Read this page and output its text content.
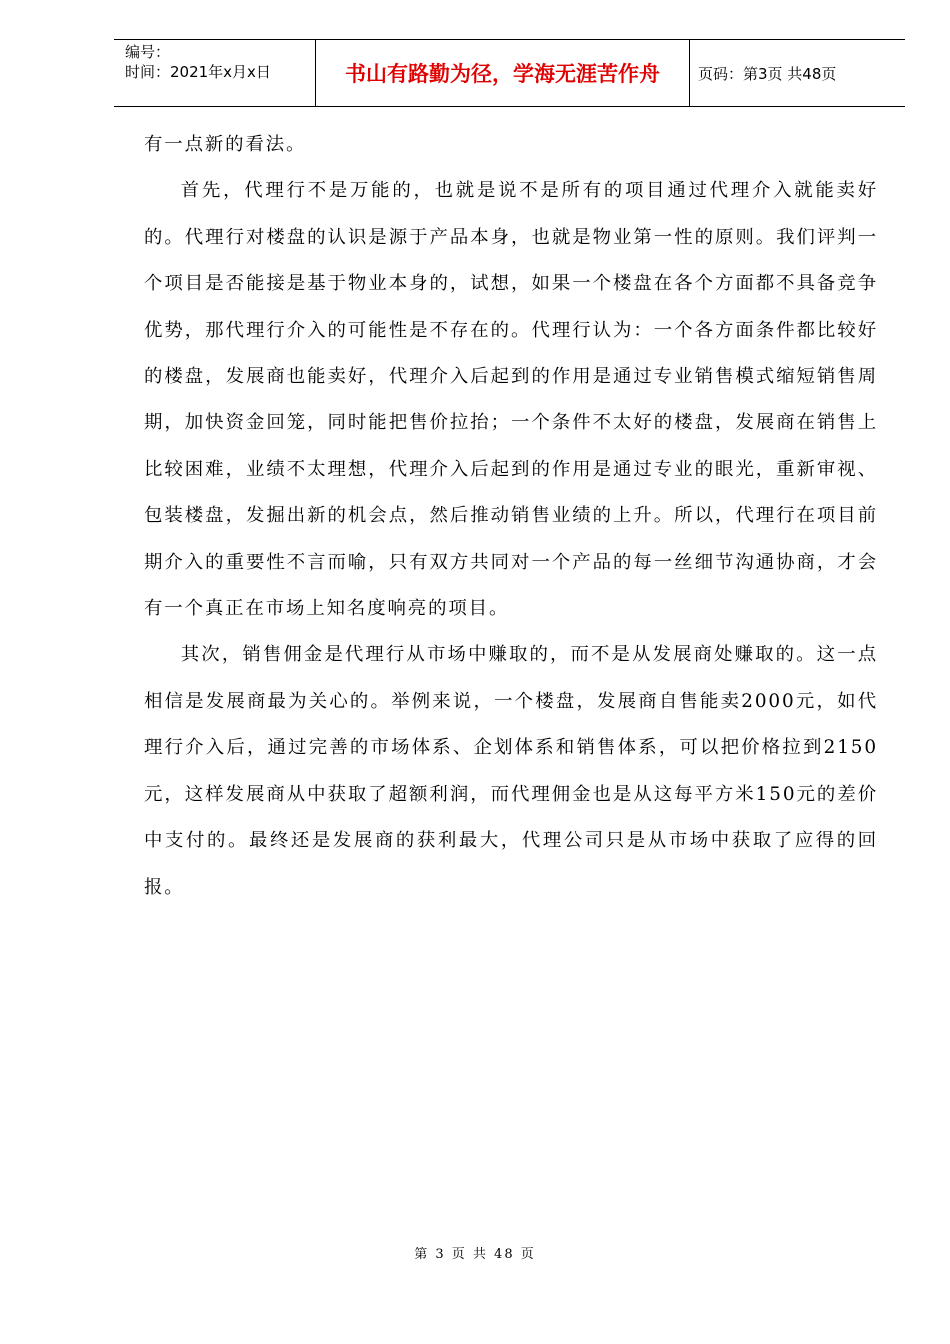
编号：
时间：2021年x月x日	书山有路勤为径，学海无涯苦作舟	页码：第3页 共48页

有一点新的看法。

首先，代理行不是万能的，也就是说不是所有的项目通过代理介入就能卖好的。代理行对楼盘的认识是源于产品本身，也就是物业第一性的原则。我们评判一个项目是否能接是基于物业本身的，试想，如果一个楼盘在各个方面都不具备竞争优势，那代理行介入的可能性是不存在的。代理行认为：一个各方面条件都比较好的楼盘，发展商也能卖好，代理介入后起到的作用是通过专业销售模式缩短销售周期，加快资金回笼，同时能把售价拉抬；一个条件不太好的楼盘，发展商在销售上比较困难，业绩不太理想，代理介入后起到的作用是通过专业的眼光，重新审视、包装楼盘，发掘出新的机会点，然后推动销售业绩的上升。所以，代理行在项目前期介入的重要性不言而喻，只有双方共同对一个产品的每一丝细节沟通协商，才会有一个真正在市场上知名度响亮的项目。

其次，销售佣金是代理行从市场中赚取的，而不是从发展商处赚取的。这一点相信是发展商最为关心的。举例来说，一个楼盘，发展商自售能卖2000元，如代理行介入后，通过完善的市场体系、企划体系和销售体系，可以把价格拉到2150元，这样发展商从中获取了超额利润，而代理佣金也是从这每平方米150元的差价中支付的。最终还是发展商的获利最大，代理公司只是从市场中获取了应得的回报。

第 3 页 共 48 页
